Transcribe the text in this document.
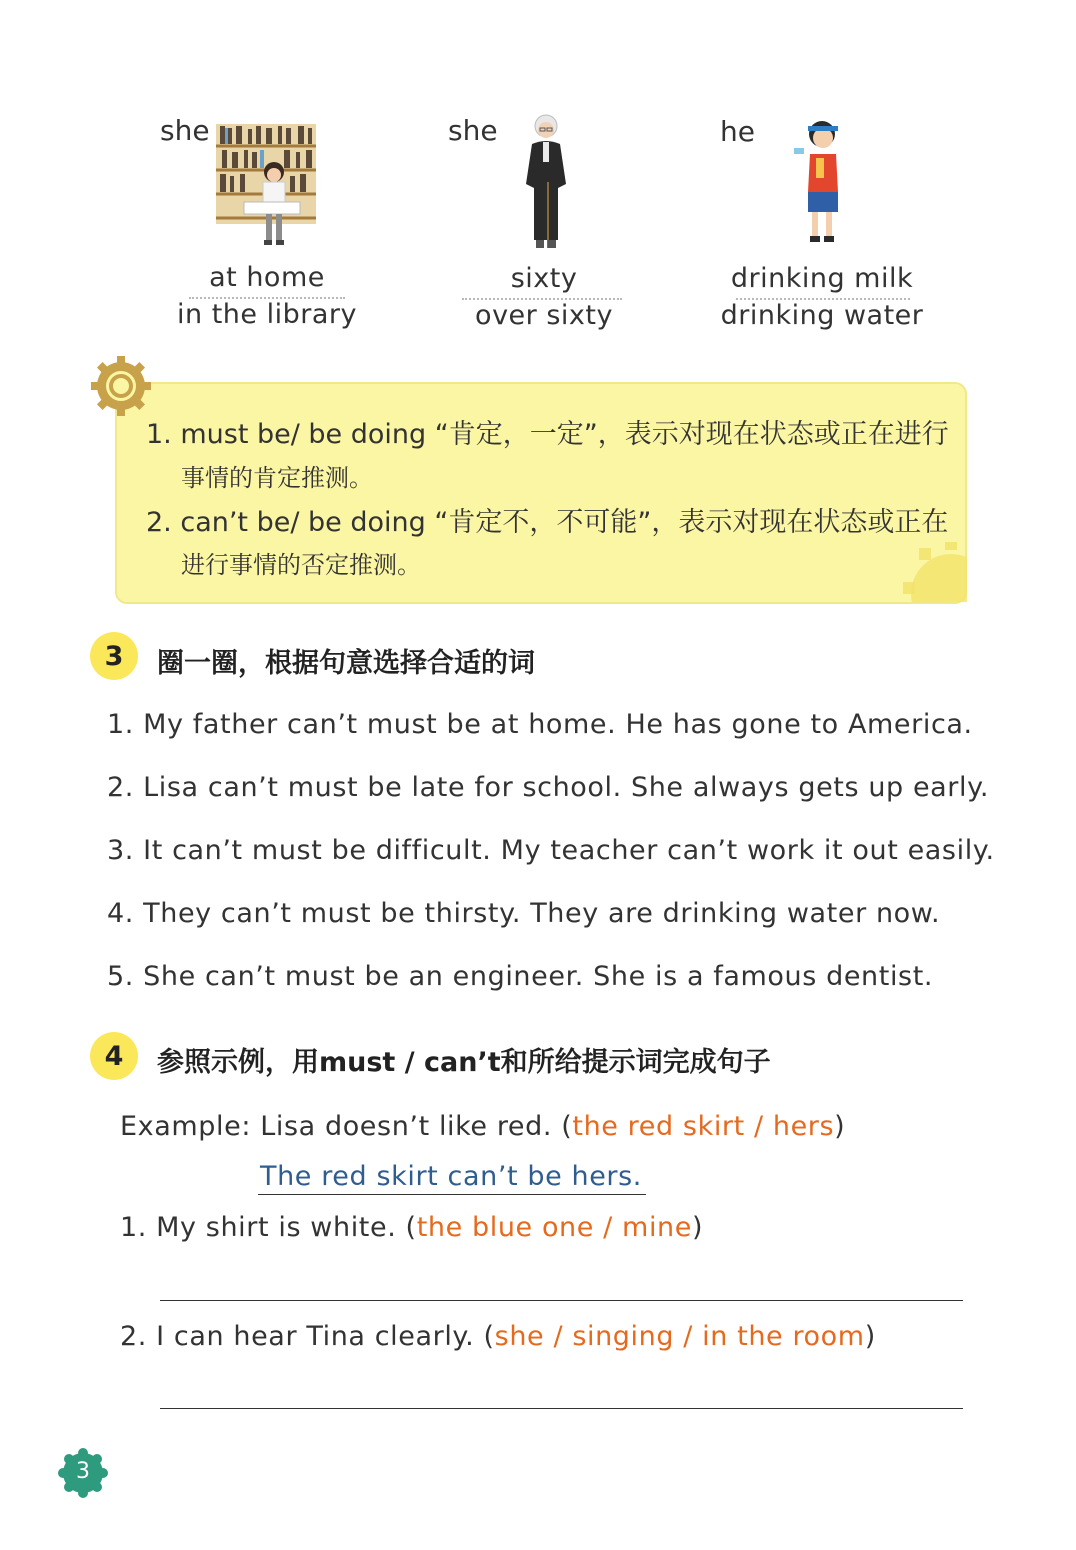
she
at home
in the library
she
sixty
over sixty
he
drinking milk
drinking water
1. must be/ be doing “肯定，一定”，表示对现在状态或正在进行
事情的肯定推测。
2. can’t be/ be doing “肯定不，不可能”，表示对现在状态或正在
进行事情的否定推测。
3	圈一圈，根据句意选择合适的词
1. My father can’t must be at home. He has gone to America.
2. Lisa can’t must be late for school. She always gets up early.
3. It can’t must be difficult. My teacher can’t work it out easily.
4. They can’t must be thirsty. They are drinking water now.
5. She can’t must be an engineer. She is a famous dentist.
4	参照示例，用must / can’t和所给提示词完成句子
Example: Lisa doesn’t like red. (the red skirt / hers)
The red skirt can’t be hers.
1. My shirt is white. (the blue one / mine)
2. I can hear Tina clearly. (she / singing / in the room)
3
